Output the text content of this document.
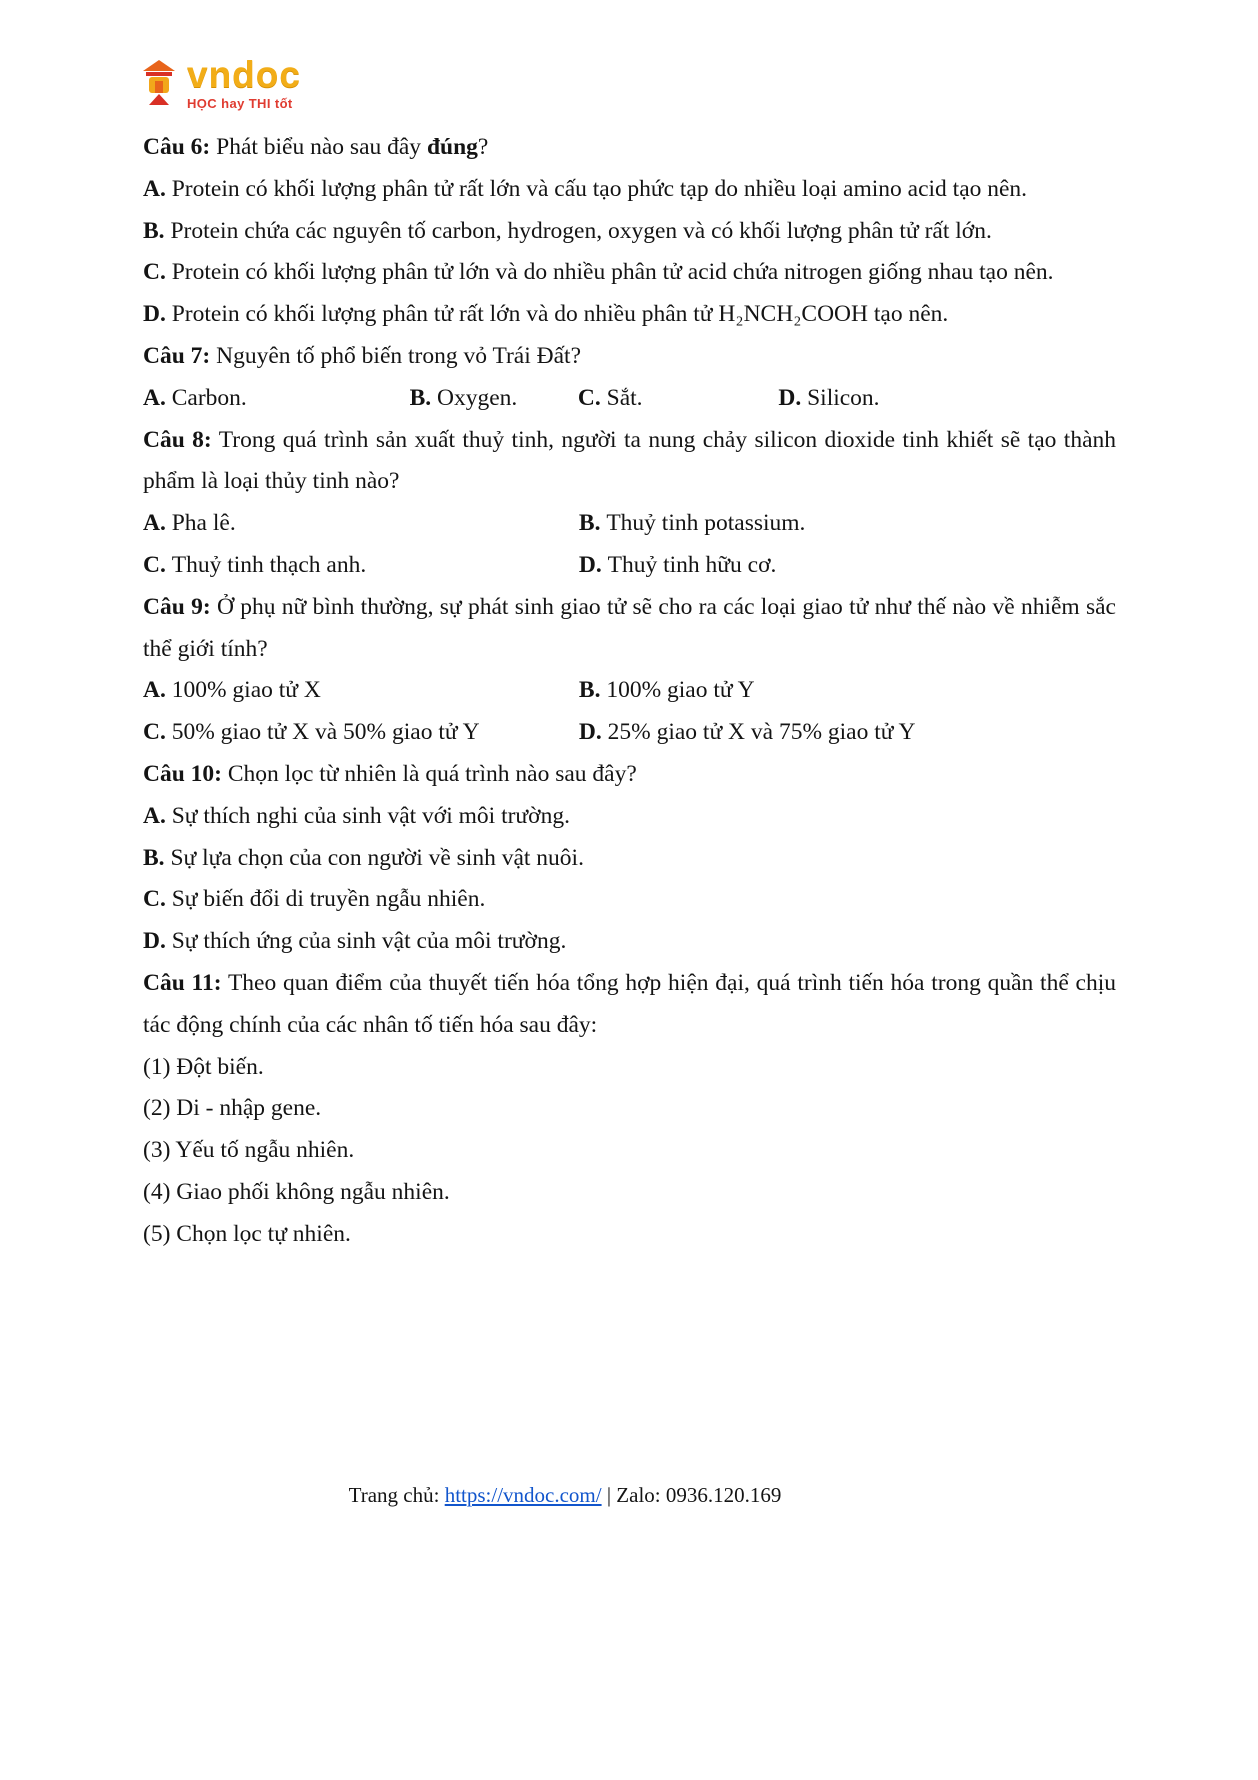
vndoc
HỌC hay THI tốt
Câu 6: Phát biểu nào sau đây đúng?
A. Protein có khối lượng phân tử rất lớn và cấu tạo phức tạp do nhiều loại amino acid tạo nên.
B. Protein chứa các nguyên tố carbon, hydrogen, oxygen và có khối lượng phân tử rất lớn.
C. Protein có khối lượng phân tử lớn và do nhiều phân tử acid chứa nitrogen giống nhau tạo nên.
D. Protein có khối lượng phân tử rất lớn và do nhiều phân tử H₂NCH₂COOH tạo nên.
Câu 7: Nguyên tố phổ biến trong vỏ Trái Đất?
A. Carbon.	B. Oxygen.	C. Sắt.	D. Silicon.
Câu 8: Trong quá trình sản xuất thuỷ tinh, người ta nung chảy silicon dioxide tinh khiết sẽ tạo thành phẩm là loại thủy tinh nào?
A. Pha lê.	B. Thuỷ tinh potassium.
C. Thuỷ tinh thạch anh.	D. Thuỷ tinh hữu cơ.
Câu 9: Ở phụ nữ bình thường, sự phát sinh giao tử sẽ cho ra các loại giao tử như thế nào về nhiễm sắc thể giới tính?
A. 100% giao tử X	B. 100% giao tử Y
C. 50% giao tử X và 50% giao tử Y	D. 25% giao tử X và 75% giao tử Y
Câu 10: Chọn lọc từ nhiên là quá trình nào sau đây?
A. Sự thích nghi của sinh vật với môi trường.
B. Sự lựa chọn của con người về sinh vật nuôi.
C. Sự biến đổi di truyền ngẫu nhiên.
D. Sự thích ứng của sinh vật của môi trường.
Câu 11: Theo quan điểm của thuyết tiến hóa tổng hợp hiện đại, quá trình tiến hóa trong quần thể chịu tác động chính của các nhân tố tiến hóa sau đây:
(1) Đột biến.
(2) Di - nhập gene.
(3) Yếu tố ngẫu nhiên.
(4) Giao phối không ngẫu nhiên.
(5) Chọn lọc tự nhiên.
Trang chủ: https://vndoc.com/ | Zalo: 0936.120.169
